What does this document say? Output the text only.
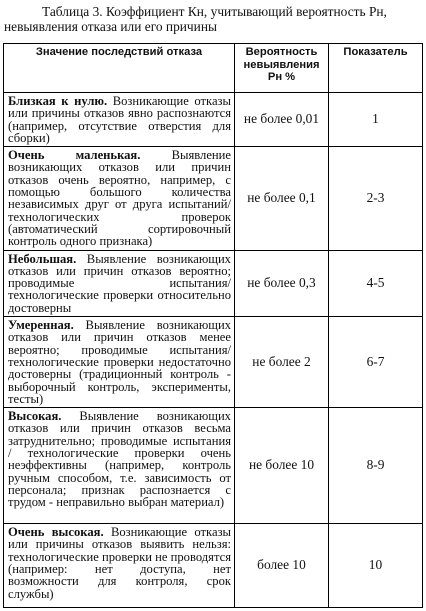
Таблица 3. Коэффициент Кн, учитывающий вероятность Рн,
невыявления отказа или его причины
Значение последствий отказа	Вероятность
невыявления
Рн %	Показатель
Близкая к нулю. Возникающие отказы или причины отказов явно распознаются (например, отсутствие отверстия для сборки)	не более 0,01	1
Очень маленькая. Выявление возникающих отказов или причин отказов очень вероятно, например, с помощью большого количества независимых друг от друга испытаний/ технологических проверок (автоматический сортировочный контроль одного признака)	не более 0,1	2-3
Небольшая. Выявление возникающих отказов или причин отказов вероятно; проводимые испытания/ технологические проверки относительно достоверны	не более 0,3	4-5
Умеренная. Выявление возникающих отказов или причин отказов менее вероятно; проводимые испытания/ технологические проверки недостаточно достоверны (традиционный контроль - выборочный контроль, эксперименты, тесты)	не более 2	6-7
Высокая. Выявление возникающих отказов или причин отказов весьма затруднительно; проводимые испытания / технологические проверки очень неэффективны (например, контроль ручным способом, т.е. зависимость от персонала; признак распознается с трудом - неправильно выбран материал)	не более 10	8-9
Очень высокая. Возникающие отказы или причины отказов выявить нельзя: технологические проверки не проводятся (например: нет доступа, нет возможности для контроля, срок службы)	более 10	10
